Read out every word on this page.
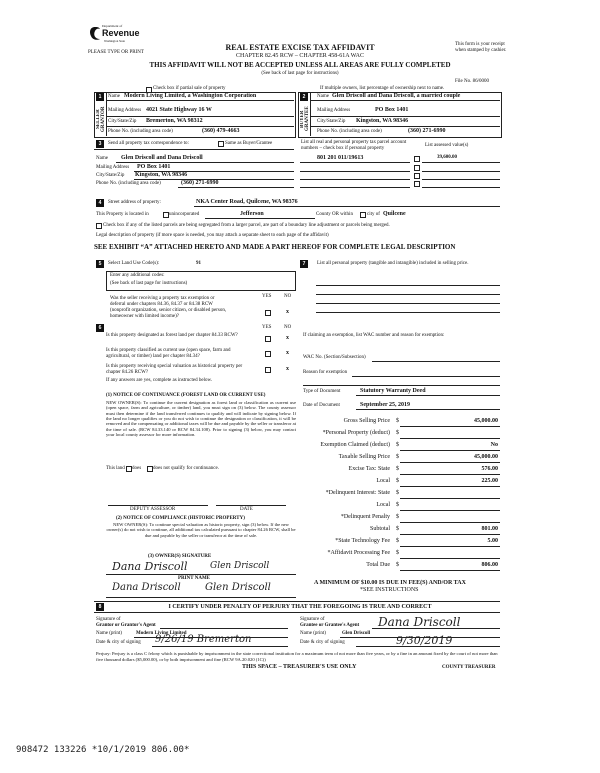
Department of
Revenue
Washington State
PLEASE TYPE OR PRINT
REAL ESTATE EXCISE TAX AFFIDAVIT
CHAPTER 82.45 RCW – CHAPTER 458-61A WAC
THIS AFFIDAVIT WILL NOT BE ACCEPTED UNLESS ALL AREAS ARE FULLY COMPLETED
(See back of last page for instructions)
This form is your receipt
when stamped by cashier.
File No. 86/0000
Check box if partial sale of property	If multiple owners, list percentage of ownership next to name.
1
SELLER GRANTOR
Name Modern Living Limited, a Washington Corporation
Mailing Address 4021 State Highway 16 W
City/State/Zip Bremerton, WA 98312
Phone No. (including area code)	(360) 479-4663
2
BUYER GRANTEE
Name Glen Driscoll and Dana Driscoll, a married couple
Mailing Address	PO Box 1401
City/State/Zip Kingston, WA 98346
Phone No. (including area code)	(360) 271-6990
3	Send all property tax correspondence to:	Same as Buyer/Grantee
Name Glen Driscoll and Dana Driscoll
Mailing Address PO Box 1401
City/State/Zip Kingston, WA 98346
Phone No. (including area code)	(360) 271-6990
List all real and personal property tax parcel account
numbers – check box if personal property
List assessed value(s)
801 201 011/19613	39,600.00
4	Street address of property:	NKA Center Road, Quilcene, WA 98376
This Property is located in	unincorporated	Jefferson	County OR within	city of Quilcene
Check box if any of the listed parcels are being segregated from a larger parcel, are part of a boundary line adjustment or parcels being merged.
Legal description of property (if more space is needed, you may attach a separate sheet to each page of the affidavit)
SEE EXHIBIT “A” ATTACHED HERETO AND MADE A PART HEREOF FOR COMPLETE LEGAL DESCRIPTION
5	Select Land Use Code(s):	91
Enter any additional codes:
(See back of last page for instructions)
YES	NO
Was the seller receiving a property tax exemption or
deferral under chapters 84.36, 84.37 or 84.38 RCW
(nonprofit organization, senior citizen, or disabled person,
homeowner with limited income)?
x
6	YES	NO
Is this property designated as forest land per chapter 84.33 RCW?	x
Is this property classified as current use (open space, farm and agricultural, or timber) land per chapter 84.34?	x
Is this property receiving special valuation as historical property per chapter 84.26 RCW?	x
If any answers are yes, complete as instructed below.
(1) NOTICE OF CONTINUANCE (FOREST LAND OR CURRENT USE)
NEW OWNER(S): To continue the current designation as forest land or classification as current use (open space, farm and agriculture, or timber) land, you must sign on (3) below. The county assessor must then determine if the land transferred continues to qualify and will indicate by signing below. If the land no longer qualifies or you do not wish to continue the designation or classification, it will be removed and the compensating or additional taxes will be due and payable by the seller or transferor at the time of sale. (RCW 84.33.140 or RCW 84.34.108). Prior to signing (3) below, you may contact your local county assessor for more information.
This land does does not qualify for continuance.
DEPUTY ASSESSOR	DATE
(2) NOTICE OF COMPLIANCE (HISTORIC PROPERTY)
NEW OWNER(S): To continue special valuation as historic property, sign (3) below. If the new owner(s) do not wish to continue, all additional tax calculated pursuant to chapter 84.26 RCW, shall be due and payable by the seller or transferor at the time of sale.
(3) OWNER(S) SIGNATURE
Dana Driscoll Glen Driscoll
PRINT NAME
Dana Driscoll Glen Driscoll
7	List all personal property (tangible and intangible) included in selling price.
If claiming an exemption, list WAC number and reason for exemption:
WAC No. (Section/Subsection)
Reason for exemption
Type of Document	Statutory Warranty Deed
Date of Document	September 25, 2019
Gross Selling Price $	45,000.00
*Personal Property (deduct) $
Exemption Claimed (deduct) $	No
Taxable Selling Price $	45,000.00
Excise Tax: State $	576.00
Local $	225.00
*Delinquent Interest: State $
Local $
*Delinquent Penalty $
Subtotal $	801.00
*State Technology Fee $	5.00
*Affidavit Processing Fee $
Total Due $	806.00
A MINIMUM OF $10.00 IS DUE IN FEE(S) AND/OR TAX
*SEE INSTRUCTIONS
8	I CERTIFY UNDER PENALTY OF PERJURY THAT THE FOREGOING IS TRUE AND CORRECT
Signature of
Grantor or Grantor's Agent
Name (print)	Modern Living Limited
Date & city of signing 9/26/19 Bremerton
Signature of
Grantee or Grantee's Agent Dana Driscoll
Name (print)	Glen Driscoll
Date & city of signing	9/30/2019
Perjury: Perjury is a class C felony which is punishable by imprisonment in the state correctional institution for a maximum term of not more than five years, or by a fine in an amount fixed by the court of not more than five thousand dollars ($5,000.00), or by both imprisonment and fine (RCW 9A.20.020 (1C))
THIS SPACE – TREASURER'S USE ONLY	COUNTY TREASURER
908472 133226 *10/1/2019 806.00*
